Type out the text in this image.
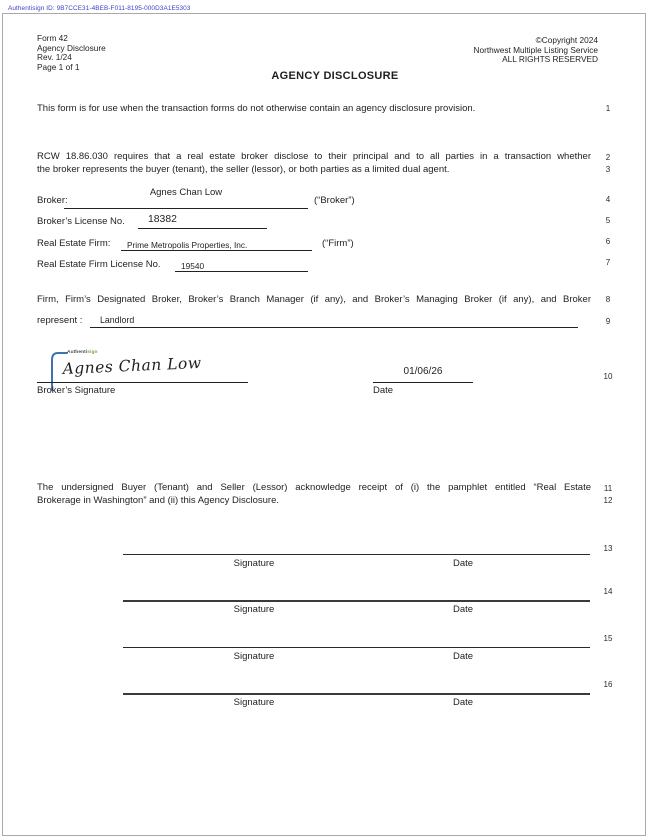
Authentisign ID: 9B7CCE31-4BEB-F011-8195-000D3A1E5303
Form 42
Agency Disclosure
Rev. 1/24
Page 1 of 1
©Copyright 2024
Northwest Multiple Listing Service
ALL RIGHTS RESERVED
AGENCY DISCLOSURE
This form is for use when the transaction forms do not otherwise contain an agency disclosure provision.
RCW 18.86.030 requires that a real estate broker disclose to their principal and to all parties in a transaction whether
the broker represents the buyer (tenant), the seller (lessor), or both parties as a limited dual agent.
Broker:
Agnes Chan Low
(“Broker”)
Broker’s License No. 18382
Real Estate Firm: Prime Metropolis Properties, Inc.	(“Firm”)
Real Estate Firm License No. 19540
Firm, Firm’s Designated Broker, Broker’s Branch Manager (if any), and Broker’s Managing Broker (if any), and Broker
represent : Landlord
Authentisign
Agnes Chan Low
Broker’s Signature
01/06/26
Date
The undersigned Buyer (Tenant) and Seller (Lessor) acknowledge receipt of (i) the pamphlet entitled “Real Estate
Brokerage in Washington” and (ii) this Agency Disclosure.
Signature	Date
Signature	Date
Signature	Date
Signature	Date
1
2
3
4
5
6
7
8
9
10
11
12
13
14
15
16
